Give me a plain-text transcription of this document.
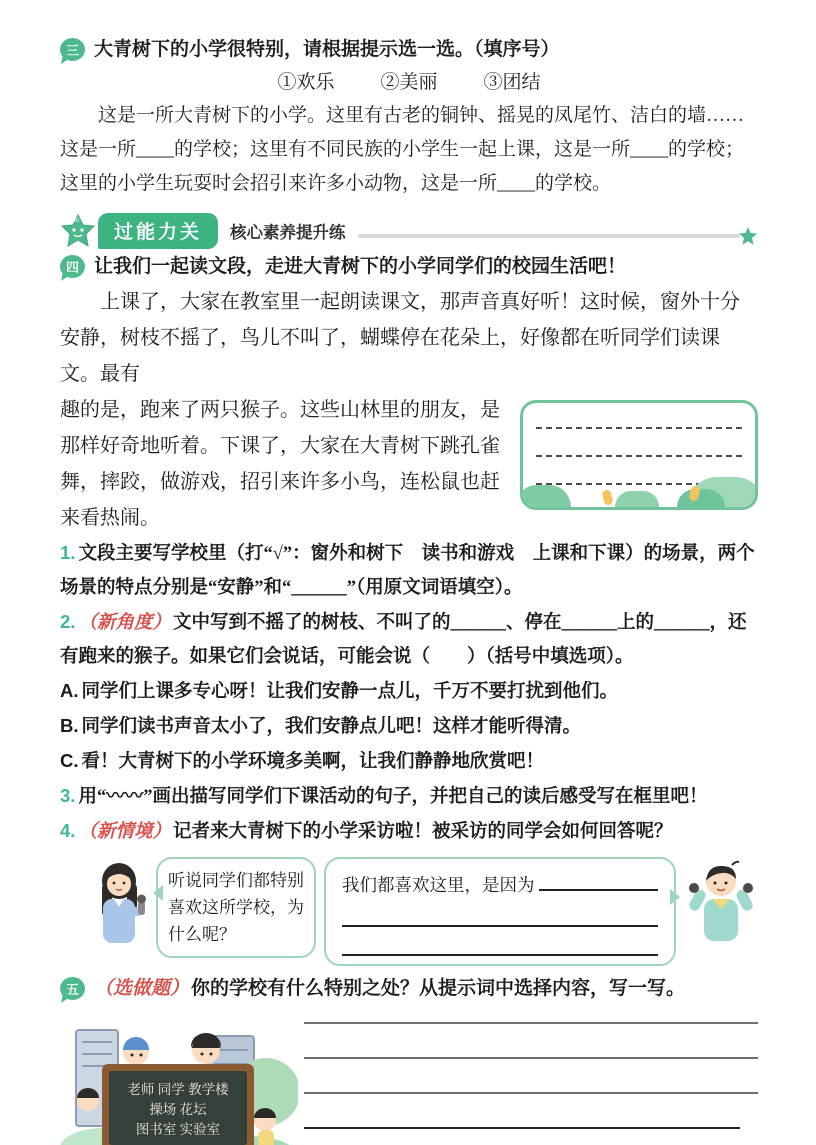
三 大青树下的小学很特别，请根据提示选一选。（填序号）
①欢乐 ②美丽 ③团结
这是一所大青树下的小学。这里有古老的铜钟、摇晃的凤尾竹、洁白的墙……这是一所____的学校；这里有不同民族的小学生一起上课，这是一所____的学校；这里的小学生玩耍时会招引来许多小动物，这是一所____的学校。
100
过能力关	核心素养提升练
四 让我们一起读文段，走进大青树下的小学同学们的校园生活吧！
上课了，大家在教室里一起朗读课文，那声音真好听！这时候，窗外十分安静，树枝不摇了，鸟儿不叫了，蝴蝶停在花朵上，好像都在听同学们读课文。最有
趣的是，跑来了两只猴子。这些山林里的朋友，是那样好奇地听着。下课了，大家在大青树下跳孔雀舞，摔跤，做游戏，招引来许多小鸟，连松鼠也赶来看热闹。
1. 文段主要写学校里（打“√”：窗外和树下　读书和游戏　上课和下课）的场景，两个场景的特点分别是“安静”和“______”（用原文词语填空）。
2. （新角度） 文中写到不摇了的树枝、不叫了的______、停在______上的______，还有跑来的猴子。如果它们会说话，可能会说（　　）（括号中填选项）。
A. 同学们上课多专心呀！让我们安静一点儿，千万不要打扰到他们。
B. 同学们读书声音太小了，我们安静点儿吧！这样才能听得清。
C. 看！大青树下的小学环境多美啊，让我们静静地欣赏吧！
3. 用“〰〰”画出描写同学们下课活动的句子，并把自己的读后感受写在框里吧！
4. （新情境） 记者来大青树下的小学采访啦！被采访的同学会如何回答呢？
听说同学们都特别喜欢这所学校，为什么呢？
我们都喜欢这里，是因为
五 （选做题） 你的学校有什么特别之处？从提示词中选择内容，写一写。
老师 同学 教学楼
操场 花坛
图书室 实验室
